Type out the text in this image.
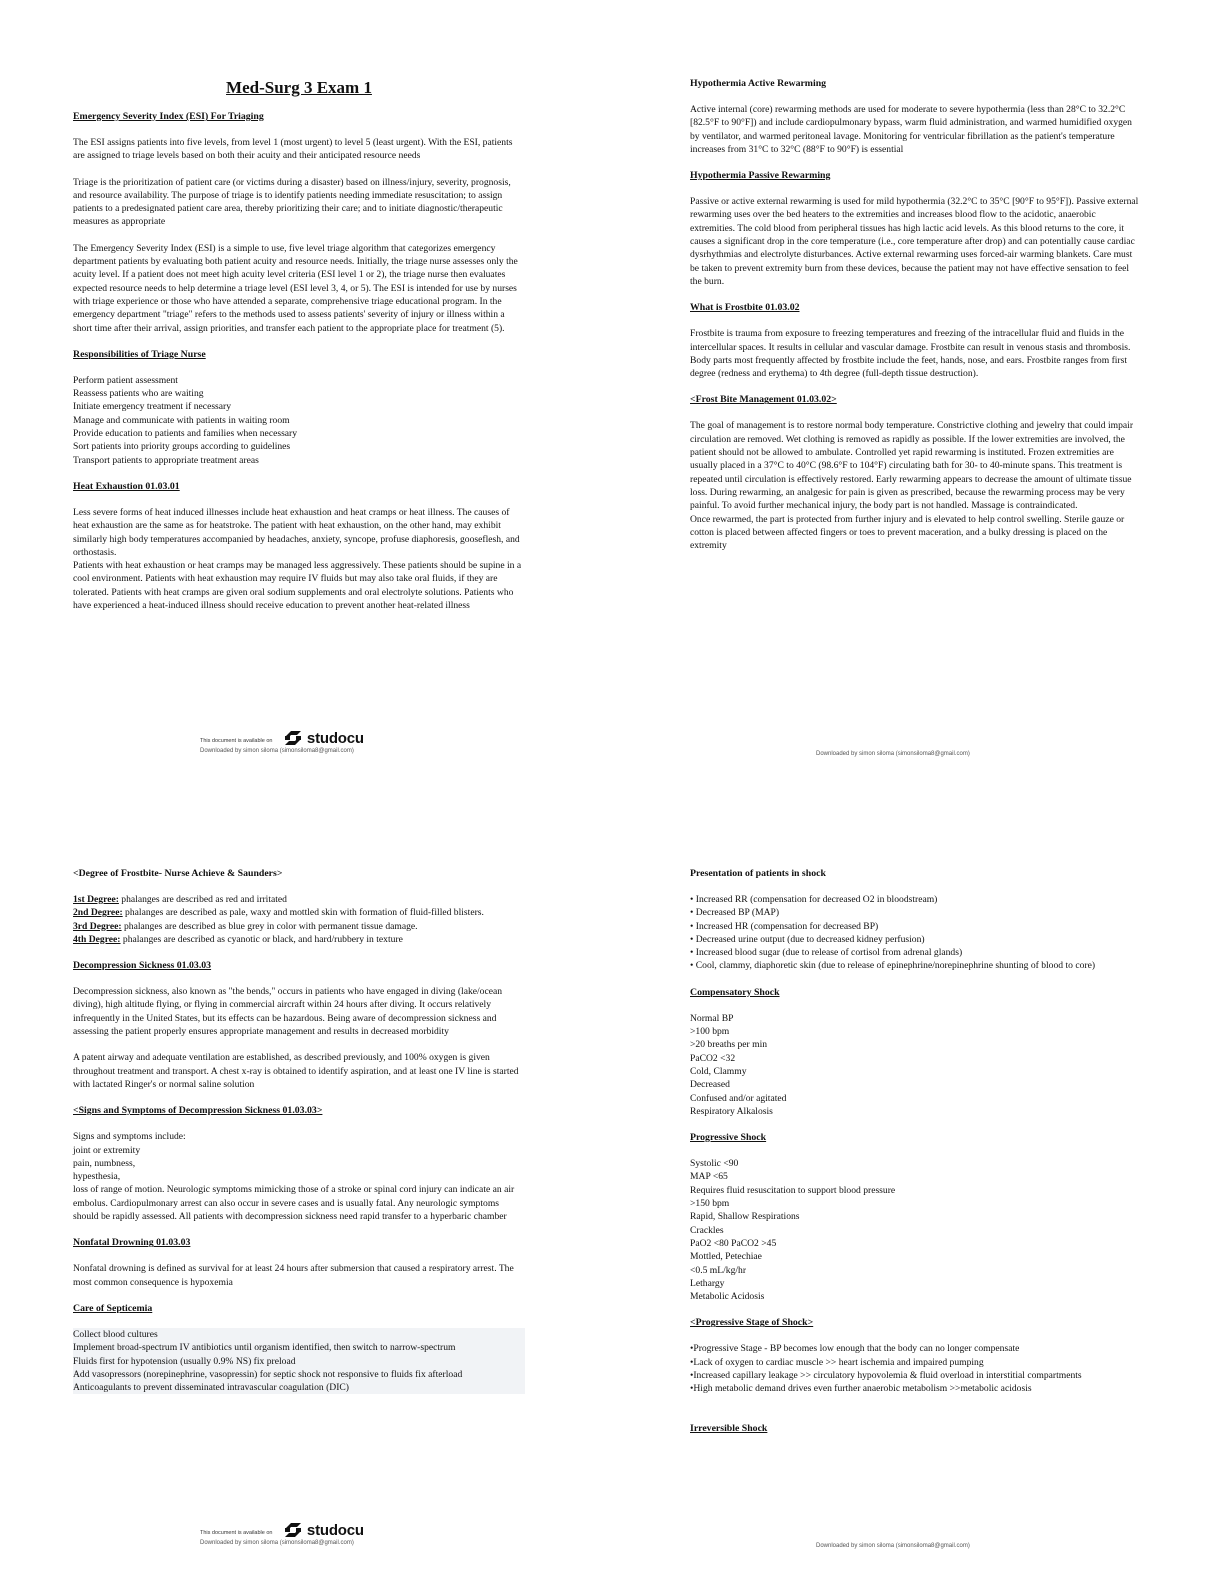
Med-Surg 3 Exam 1
Emergency Severity Index (ESI) For Triaging

The ESI assigns patients into five levels, from level 1 (most urgent) to level 5 (least urgent). With the ESI, patients are assigned to triage levels based on both their acuity and their anticipated resource needs

Triage is the prioritization of patient care (or victims during a disaster) based on illness/injury, severity, prognosis, and resource availability. The purpose of triage is to identify patients needing immediate resuscitation; to assign patients to a predesignated patient care area, thereby prioritizing their care; and to initiate diagnostic/therapeutic measures as appropriate

The Emergency Severity Index (ESI) is a simple to use, five level triage algorithm that categorizes emergency department patients by evaluating both patient acuity and resource needs. Initially, the triage nurse assesses only the acuity level. If a patient does not meet high acuity level criteria (ESI level 1 or 2), the triage nurse then evaluates expected resource needs to help determine a triage level (ESI level 3, 4, or 5). The ESI is intended for use by nurses with triage experience or those who have attended a separate, comprehensive triage educational program. In the emergency department "triage" refers to the methods used to assess patients' severity of injury or illness within a short time after their arrival, assign priorities, and transfer each patient to the appropriate place for treatment (5).

Responsibilities of Triage Nurse
Perform patient assessment
Reassess patients who are waiting
Initiate emergency treatment if necessary
Manage and communicate with patients in waiting room
Provide education to patients and families when necessary
Sort patients into priority groups according to guidelines
Transport patients to appropriate treatment areas
Heat Exhaustion 01.03.01

Less severe forms of heat induced illnesses include heat exhaustion and heat cramps or heat illness. The causes of heat exhaustion are the same as for heatstroke. The patient with heat exhaustion, on the other hand, may exhibit similarly high body temperatures accompanied by headaches, anxiety, syncope, profuse diaphoresis, gooseflesh, and orthostasis.

Patients with heat exhaustion or heat cramps may be managed less aggressively. These patients should be supine in a cool environment. Patients with heat exhaustion may require IV fluids but may also take oral fluids, if they are tolerated. Patients with heat cramps are given oral sodium supplements and oral electrolyte solutions. Patients who have experienced a heat-induced illness should receive education to prevent another heat-related illness

This document is available on studocu
Downloaded by simon siloma (simonsiloma8@gmail.com)
Hypothermia Active Rewarming

Active internal (core) rewarming methods are used for moderate to severe hypothermia (less than 28°C to 32.2°C [82.5°F to 90°F]) and include cardiopulmonary bypass, warm fluid administration, and warmed humidified oxygen by ventilator, and warmed peritoneal lavage. Monitoring for ventricular fibrillation as the patient's temperature increases from 31°C to 32°C (88°F to 90°F) is essential

Hypothermia Passive Rewarming

Passive or active external rewarming is used for mild hypothermia (32.2°C to 35°C [90°F to 95°F]). Passive external rewarming uses over the bed heaters to the extremities and increases blood flow to the acidotic, anaerobic extremities. The cold blood from peripheral tissues has high lactic acid levels. As this blood returns to the core, it causes a significant drop in the core temperature (i.e., core temperature after drop) and can potentially cause cardiac dysrhythmias and electrolyte disturbances. Active external rewarming uses forced-air warming blankets. Care must be taken to prevent extremity burn from these devices, because the patient may not have effective sensation to feel the burn.

What is Frostbite 01.03.02

Frostbite is trauma from exposure to freezing temperatures and freezing of the intracellular fluid and fluids in the intercellular spaces. It results in cellular and vascular damage. Frostbite can result in venous stasis and thrombosis. Body parts most frequently affected by frostbite include the feet, hands, nose, and ears. Frostbite ranges from first degree (redness and erythema) to 4th degree (full-depth tissue destruction).

<Frost Bite Management 01.03.02>

The goal of management is to restore normal body temperature. Constrictive clothing and jewelry that could impair circulation are removed. Wet clothing is removed as rapidly as possible. If the lower extremities are involved, the patient should not be allowed to ambulate. Controlled yet rapid rewarming is instituted. Frozen extremities are usually placed in a 37°C to 40°C (98.6°F to 104°F) circulating bath for 30- to 40-minute spans. This treatment is repeated until circulation is effectively restored. Early rewarming appears to decrease the amount of ultimate tissue loss. During rewarming, an analgesic for pain is given as prescribed, because the rewarming process may be very painful. To avoid further mechanical injury, the body part is not handled. Massage is contraindicated.

Once rewarmed, the part is protected from further injury and is elevated to help control swelling. Sterile gauze or cotton is placed between affected fingers or toes to prevent maceration, and a bulky dressing is placed on the extremity

Downloaded by simon siloma (simonsiloma8@gmail.com)
<Degree of Frostbite- Nurse Achieve & Saunders>
1st Degree: phalanges are described as red and irritated
2nd Degree: phalanges are described as pale, waxy and mottled skin with formation of fluid-filled blisters.
3rd Degree: phalanges are described as blue grey in color with permanent tissue damage.
4th Degree: phalanges are described as cyanotic or black, and hard/rubbery in texture
Decompression Sickness 01.03.03

Decompression sickness, also known as "the bends," occurs in patients who have engaged in diving (lake/ocean diving), high altitude flying, or flying in commercial aircraft within 24 hours after diving. It occurs relatively infrequently in the United States, but its effects can be hazardous. Being aware of decompression sickness and assessing the patient properly ensures appropriate management and results in decreased morbidity

A patent airway and adequate ventilation are established, as described previously, and 100% oxygen is given throughout treatment and transport. A chest x-ray is obtained to identify aspiration, and at least one IV line is started with lactated Ringer's or normal saline solution

<Signs and Symptoms of Decompression Sickness 01.03.03>
Signs and symptoms include:
joint or extremity
pain, numbness,
hypesthesia,

loss of range of motion. Neurologic symptoms mimicking those of a stroke or spinal cord injury can indicate an air embolus. Cardiopulmonary arrest can also occur in severe cases and is usually fatal. Any neurologic symptoms should be rapidly assessed. All patients with decompression sickness need rapid transfer to a hyperbaric chamber

Nonfatal Drowning 01.03.03

Nonfatal drowning is defined as survival for at least 24 hours after submersion that caused a respiratory arrest. The most common consequence is hypoxemia

Care of Septicemia
Collect blood cultures
Implement broad-spectrum IV antibiotics until organism identified, then switch to narrow-spectrum
Fluids first for hypotension (usually 0.9% NS) fix preload
Add vasopressors (norepinephrine, vasopressin) for septic shock not responsive to fluids fix afterload
Anticoagulants to prevent disseminated intravascular coagulation (DIC)
This document is available on studocu
Downloaded by simon siloma (simonsiloma8@gmail.com)
Presentation of patients in shock
• Increased RR (compensation for decreased O2 in bloodstream)
• Decreased BP (MAP)
• Increased HR (compensation for decreased BP)
• Decreased urine output (due to decreased kidney perfusion)
• Increased blood sugar (due to release of cortisol from adrenal glands)
• Cool, clammy, diaphoretic skin (due to release of epinephrine/norepinephrine shunting of blood to core)
Compensatory Shock
Normal BP
>100 bpm
>20 breaths per min
PaCO2 <32
Cold, Clammy
Decreased
Confused and/or agitated
Respiratory Alkalosis
Progressive Shock
Systolic <90
MAP <65
Requires fluid resuscitation to support blood pressure
>150 bpm
Rapid, Shallow Respirations
Crackles
PaO2 <80 PaCO2 >45
Mottled, Petechiae
<0.5 mL/kg/hr
Lethargy
Metabolic Acidosis
<Progressive Stage of Shock>
•Progressive Stage - BP becomes low enough that the body can no longer compensate
•Lack of oxygen to cardiac muscle >> heart ischemia and impaired pumping
•Increased capillary leakage >> circulatory hypovolemia & fluid overload in interstitial compartments
•High metabolic demand drives even further anaerobic metabolism >>metabolic acidosis
Irreversible Shock
Downloaded by simon siloma (simonsiloma8@gmail.com)
